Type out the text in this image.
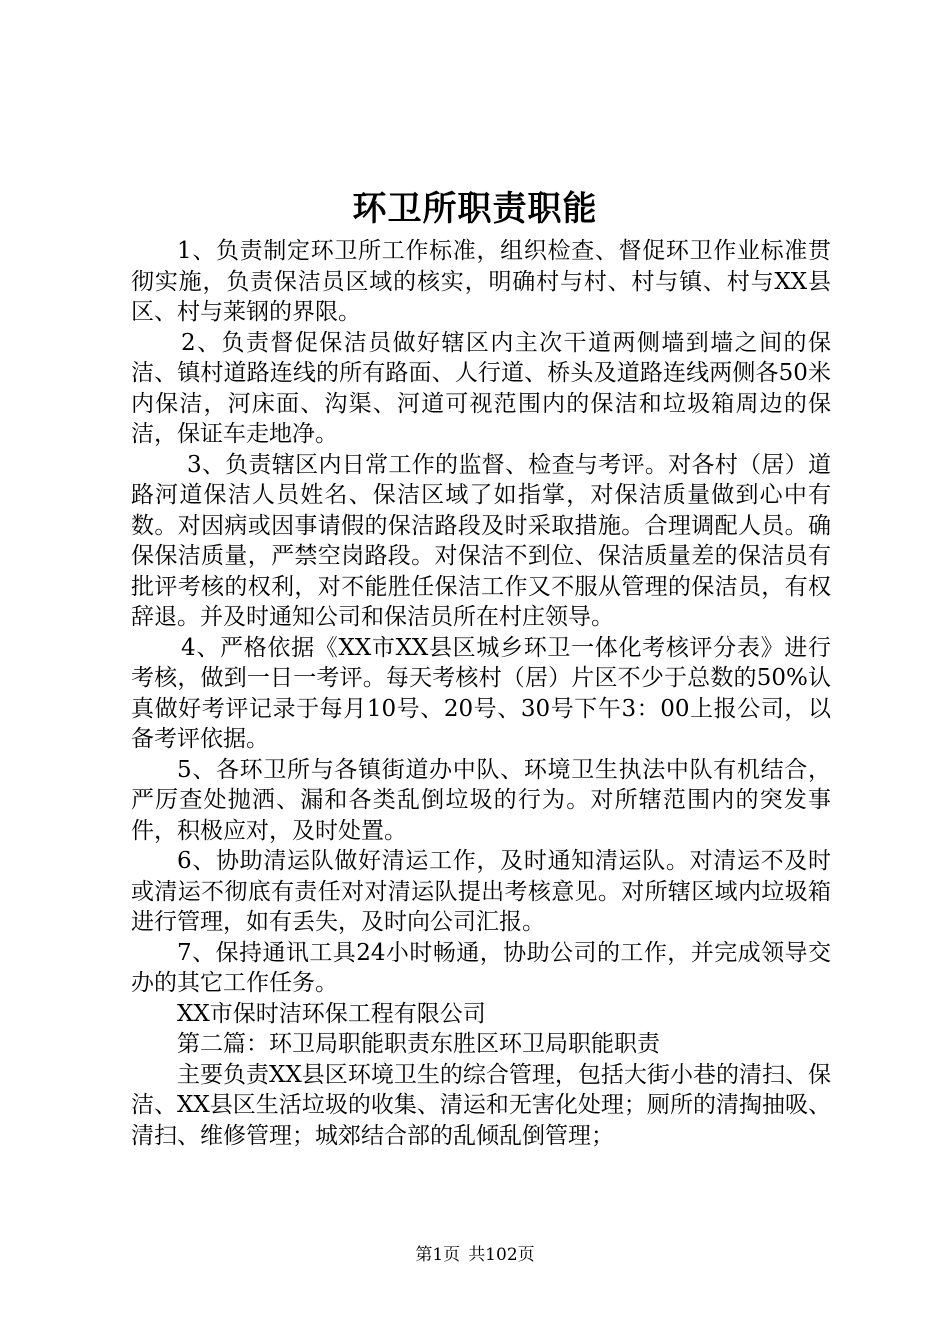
环卫所职责职能

1、负责制定环卫所工作标准，组织检查、督促环卫作业标准贯彻实施，负责保洁员区域的核实，明确村与村、村与镇、村与XX县区、村与莱钢的界限。

2、负责督促保洁员做好辖区内主次干道两侧墙到墙之间的保洁、镇村道路连线的所有路面、人行道、桥头及道路连线两侧各50米内保洁，河床面、沟渠、河道可视范围内的保洁和垃圾箱周边的保洁，保证车走地净。

3、负责辖区内日常工作的监督、检查与考评。对各村（居）道路河道保洁人员姓名、保洁区域了如指掌，对保洁质量做到心中有数。对因病或因事请假的保洁路段及时采取措施。合理调配人员。确保保洁质量，严禁空岗路段。对保洁不到位、保洁质量差的保洁员有批评考核的权利，对不能胜任保洁工作又不服从管理的保洁员，有权辞退。并及时通知公司和保洁员所在村庄领导。

4、严格依据《XX市XX县区城乡环卫一体化考核评分表》进行考核，做到一日一考评。每天考核村（居）片区不少于总数的50%认真做好考评记录于每月10号、20号、30号下午3：00上报公司，以备考评依据。

5、各环卫所与各镇街道办中队、环境卫生执法中队有机结合，严厉查处抛洒、漏和各类乱倒垃圾的行为。对所辖范围内的突发事件，积极应对，及时处置。

6、协助清运队做好清运工作，及时通知清运队。对清运不及时或清运不彻底有责任对对清运队提出考核意见。对所辖区域内垃圾箱进行管理，如有丢失，及时向公司汇报。

7、保持通讯工具24小时畅通，协助公司的工作，并完成领导交办的其它工作任务。

XX市保时洁环保工程有限公司

第二篇：环卫局职能职责东胜区环卫局职能职责

主要负责XX县区环境卫生的综合管理，包括大街小巷的清扫、保洁、XX县区生活垃圾的收集、清运和无害化处理；厕所的清掏抽吸、清扫、维修管理；城郊结合部的乱倾乱倒管理；

第1页 共102页
